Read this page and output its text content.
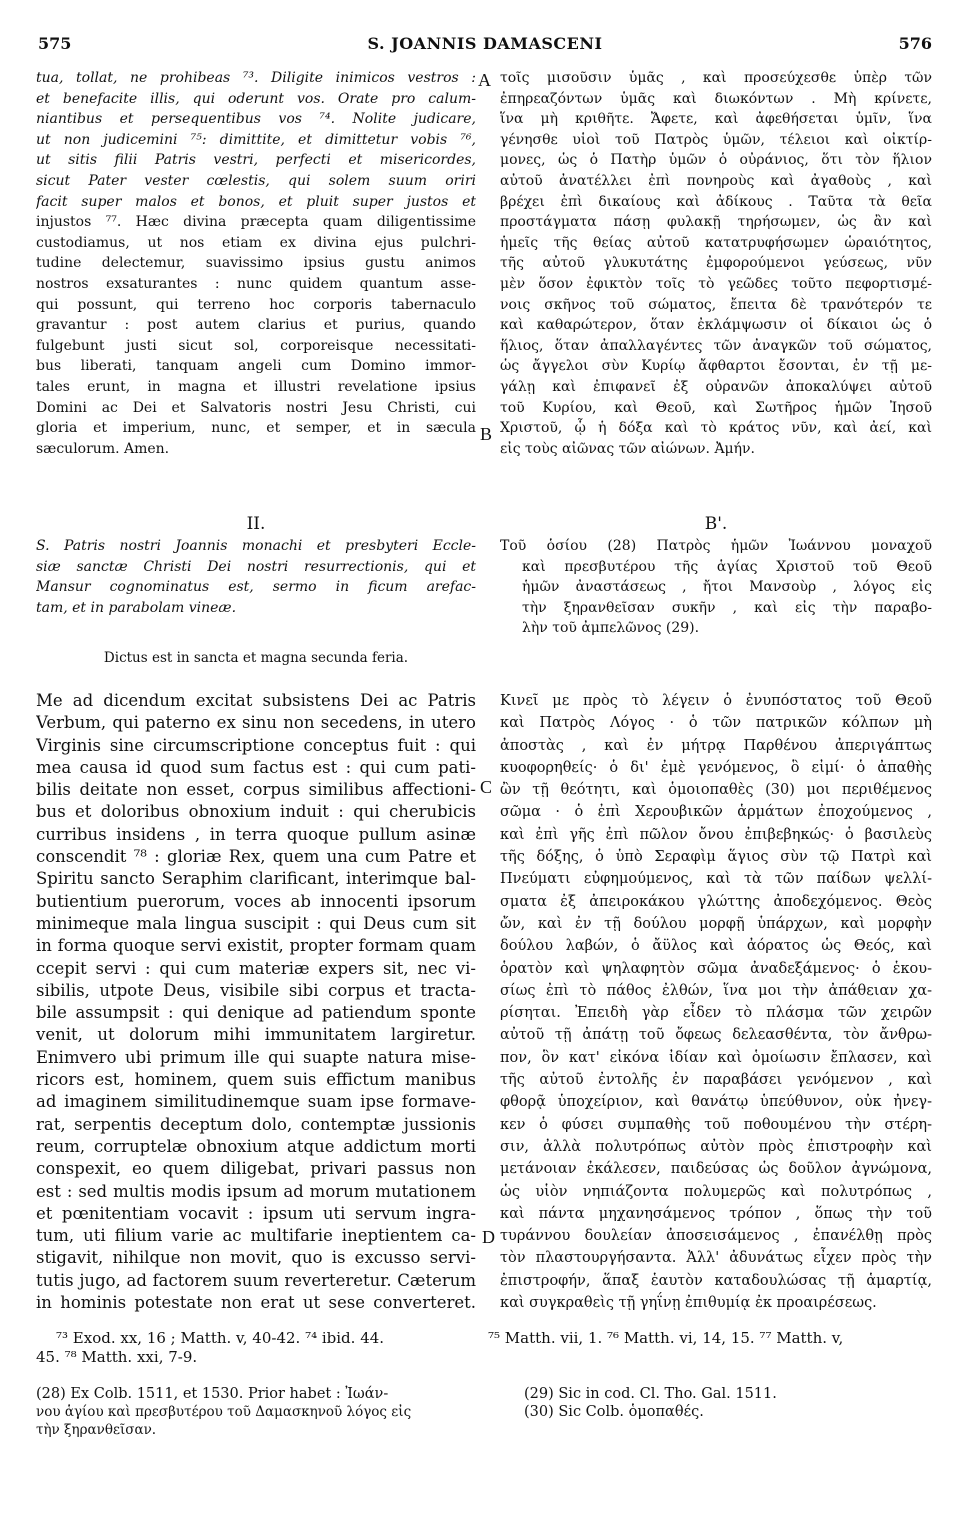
575	S. JOANNIS DAMASCENI	576
A
B
C
D
tua, tollat, ne prohibeas ⁷³. Diligite inimicos vestros :
et benefacite illis, qui oderunt vos. Orate pro calum-
niantibus et persequentibus vos ⁷⁴. Nolite judicare,
ut non judicemini ⁷⁵: dimittite, et dimittetur vobis ⁷⁶,
ut sitis filii Patris vestri, perfecti et misericordes,
sicut Pater vester cœlestis, qui solem suum oriri
facit super malos et bonos, et pluit super justos et
injustos ⁷⁷. Hæc divina præcepta quam diligentissime
custodiamus, ut nos etiam ex divina ejus pulchri-
tudine delectemur, suavissimo ipsius gustu animos
nostros exsaturantes : nunc quidem quantum asse-
qui possunt, qui terreno hoc corporis tabernaculo
gravantur : post autem clarius et purius, quando
fulgebunt justi sicut sol, corporeisque necessitati-
bus liberati, tanquam angeli cum Domino immor-
tales erunt, in magna et illustri revelatione ipsius
Domini ac Dei et Salvatoris nostri Jesu Christi, cui
gloria et imperium, nunc, et semper, et in sæcula
sæculorum. Amen.
τοῖς μισοῦσιν ὑμᾶς , καὶ προσεύχεσθε ὑπὲρ τῶν
ἐπηρεαζόντων ὑμᾶς καὶ διωκόντων . Μὴ κρίνετε,
ἵνα μὴ κριθῆτε. Ἄφετε, καὶ ἀφεθήσεται ὑμῖν, ἵνα
γένησθε υἱοὶ τοῦ Πατρὸς ὑμῶν, τέλειοι καὶ οἰκτίρ-
μονες, ὡς ὁ Πατὴρ ὑμῶν ὁ οὐράνιος, ὅτι τὸν ἥλιον
αὐτοῦ ἀνατέλλει ἐπὶ πονηροὺς καὶ ἀγαθοὺς , καὶ
βρέχει ἐπὶ δικαίους καὶ ἀδίκους . Ταῦτα τὰ θεῖα
προστάγματα πάσῃ φυλακῇ τηρήσωμεν, ὡς ἂν καὶ
ἡμεῖς τῆς θείας αὐτοῦ κατατρυφήσωμεν ὡραιότητος,
τῆς αὐτοῦ γλυκυτάτης ἐμφορούμενοι γεύσεως, νῦν
μὲν ὅσον ἐφικτὸν τοῖς τὸ γεῶδες τοῦτο πεφορτισμέ-
νοις σκῆνος τοῦ σώματος, ἔπειτα δὲ τρανότερόν τε
καὶ καθαρώτερον, ὅταν ἐκλάμψωσιν οἱ δίκαιοι ὡς ὁ
ἥλιος, ὅταν ἀπαλλαγέντες τῶν ἀναγκῶν τοῦ σώματος,
ὡς ἄγγελοι σὺν Κυρίῳ ἄφθαρτοι ἔσονται, ἐν τῇ με-
γάλῃ καὶ ἐπιφανεῖ ἐξ οὐρανῶν ἀποκαλύψει αὐτοῦ
τοῦ Κυρίου, καὶ Θεοῦ, καὶ Σωτῆρος ἡμῶν Ἰησοῦ
Χριστοῦ, ᾧ ἡ δόξα καὶ τὸ κράτος νῦν, καὶ ἀεί, καὶ
εἰς τοὺς αἰῶνας τῶν αἰώνων. Ἀμήν.
II.
S. Patris nostri Joannis monachi et presbyteri Eccle-
siæ sanctæ Christi Dei nostri resurrectionis, qui et
Mansur cognominatus est, sermo in ficum arefac-
tam, et in parabolam vineæ.
Dictus est in sancta et magna secunda feria.
B'.
Τοῦ ὁσίου (28) Πατρὸς ἡμῶν Ἰωάννου μοναχοῦ
καὶ πρεσβυτέρου τῆς ἁγίας Χριστοῦ τοῦ Θεοῦ
ἡμῶν ἀναστάσεως , ἤτοι Μανσοὺρ , λόγος εἰς
τὴν ξηρανθεῖσαν συκῆν , καὶ εἰς τὴν παραβο-
λὴν τοῦ ἀμπελῶνος (29).
Me ad dicendum excitat subsistens Dei ac Patris
Verbum, qui paterno ex sinu non secedens, in utero
Virginis sine circumscriptione conceptus fuit : qui
mea causa id quod sum factus est : qui cum pati-
bilis deitate non esset, corpus similibus affectioni-
bus et doloribus obnoxium induit : qui cherubicis
curribus insidens , in terra quoque pullum asinæ
conscendit ⁷⁸ : gloriæ Rex, quem una cum Patre et
Spiritu sancto Seraphim clarificant, interimque bal-
butientium puerorum, voces ab innocenti ipsorum
minimeque mala lingua suscipit : qui Deus cum sit
in forma quoque servi existit, propter formam quam
ccepit servi : qui cum materiæ expers sit, nec vi-
sibilis, utpote Deus, visibile sibi corpus et tracta-
bile assumpsit : qui denique ad patiendum sponte
venit, ut dolorum mihi immunitatem largiretur.
Enimvero ubi primum ille qui suapte natura mise-
ricors est, hominem, quem suis effictum manibus
ad imaginem similitudinemque suam ipse formave-
rat, serpentis deceptum dolo, contemptæ jussionis
reum, corruptelæ obnoxium atque addictum morti
conspexit, eo quem diligebat, privari passus non
est : sed multis modis ipsum ad morum mutationem
et pœnitentiam vocavit : ipsum uti servum ingra-
tum, uti filium varie ac multifarie ineptientem ca-
stigavit, nihilque non movit, quo is excusso servi-
tutis jugo, ad factorem suum reverteretur. Cæterum
in hominis potestate non erat ut sese converteret.
Κινεῖ με πρὸς τὸ λέγειν ὁ ἐνυπόστατος τοῦ Θεοῦ
καὶ Πατρὸς Λόγος · ὁ τῶν πατρικῶν κόλπων μὴ
ἀποστὰς , καὶ ἐν μήτρᾳ Παρθένου ἀπεριγάπτως
κυοφορηθείς· ὁ δι' ἐμὲ γενόμενος, ὃ εἰμί· ὁ ἀπαθὴς
ὢν τῇ θεότητι, καὶ ὁμοιοπαθὲς (30) μοι περιθέμενος
σῶμα · ὁ ἐπὶ Χερουβικῶν ἁρμάτων ἐποχούμενος ,
καὶ ἐπὶ γῆς ἐπὶ πῶλον ὄνου ἐπιβεβηκώς· ὁ βασιλεὺς
τῆς δόξης, ὁ ὑπὸ Σεραφὶμ ἅγιος σὺν τῷ Πατρὶ καὶ
Πνεύματι εὐφημούμενος, καὶ τὰ τῶν παίδων ψελλί-
σματα ἐξ ἀπειροκάκου γλώττης ἀποδεχόμενος. Θεὸς
ὤν, καὶ ἐν τῇ δούλου μορφῇ ὑπάρχων, καὶ μορφὴν
δούλου λαβών, ὁ ἄϋλος καὶ ἀόρατος ὡς Θεός, καὶ
ὁρατὸν καὶ ψηλαφητὸν σῶμα ἀναδεξάμενος· ὁ ἑκου-
σίως ἐπὶ τὸ πάθος ἐλθών, ἵνα μοι τὴν ἀπάθειαν χα-
ρίσηται. Ἐπειδὴ γὰρ εἶδεν τὸ πλάσμα τῶν χειρῶν
αὐτοῦ τῇ ἀπάτῃ τοῦ ὄφεως δελεασθέντα, τὸν ἄνθρω-
πον, ὃν κατ' εἰκόνα ἰδίαν καὶ ὁμοίωσιν ἔπλασεν, καὶ
τῆς αὐτοῦ ἐντολῆς ἐν παραβάσει γενόμενον , καὶ
φθορᾷ ὑποχείριον, καὶ θανάτῳ ὑπεύθυνον, οὐκ ἠνεγ-
κεν ὁ φύσει συμπαθὴς τοῦ ποθουμένου τὴν στέρη-
σιν, ἀλλὰ πολυτρόπως αὐτὸν πρὸς ἐπιστροφὴν καὶ
μετάνοιαν ἐκάλεσεν, παιδεύσας ὡς δοῦλον ἀγνώμονα,
ὡς υἱὸν νηπιάζοντα πολυμερῶς καὶ πολυτρόπως ,
καὶ πάντα μηχανησάμενος τρόπον , ὅπως τὴν τοῦ
τυράννου δουλείαν ἀποσεισάμενος , ἐπανέλθῃ πρὸς
τὸν πλαστουργήσαντα. Ἀλλ' ἀδυνάτως εἶχεν πρὸς τὴν
ἐπιστροφήν, ἅπαξ ἑαυτὸν καταδουλώσας τῇ ἁμαρτίᾳ,
καὶ συγκραθεὶς τῇ γηΐνῃ ἐπιθυμίᾳ ἐκ προαιρέσεως.
⁷³ Exod. xx, 16 ; Matth. v, 40-42. ⁷⁴ ibid. 44.
45. ⁷⁸ Matth. xxi, 7-9.
⁷⁵ Matth. vii, 1. ⁷⁶ Matth. vi, 14, 15. ⁷⁷ Matth. v,
(28) Ex Colb. 1511, et 1530. Prior habet : Ἰωάν-
νου ἁγίου καὶ πρεσβυτέρου τοῦ Δαμασκηνοῦ λόγος εἰς
τὴν ξηρανθεῖσαν.
(29) Sic in cod. Cl. Tho. Gal. 1511.
(30) Sic Colb. ὁμοπαθές.
